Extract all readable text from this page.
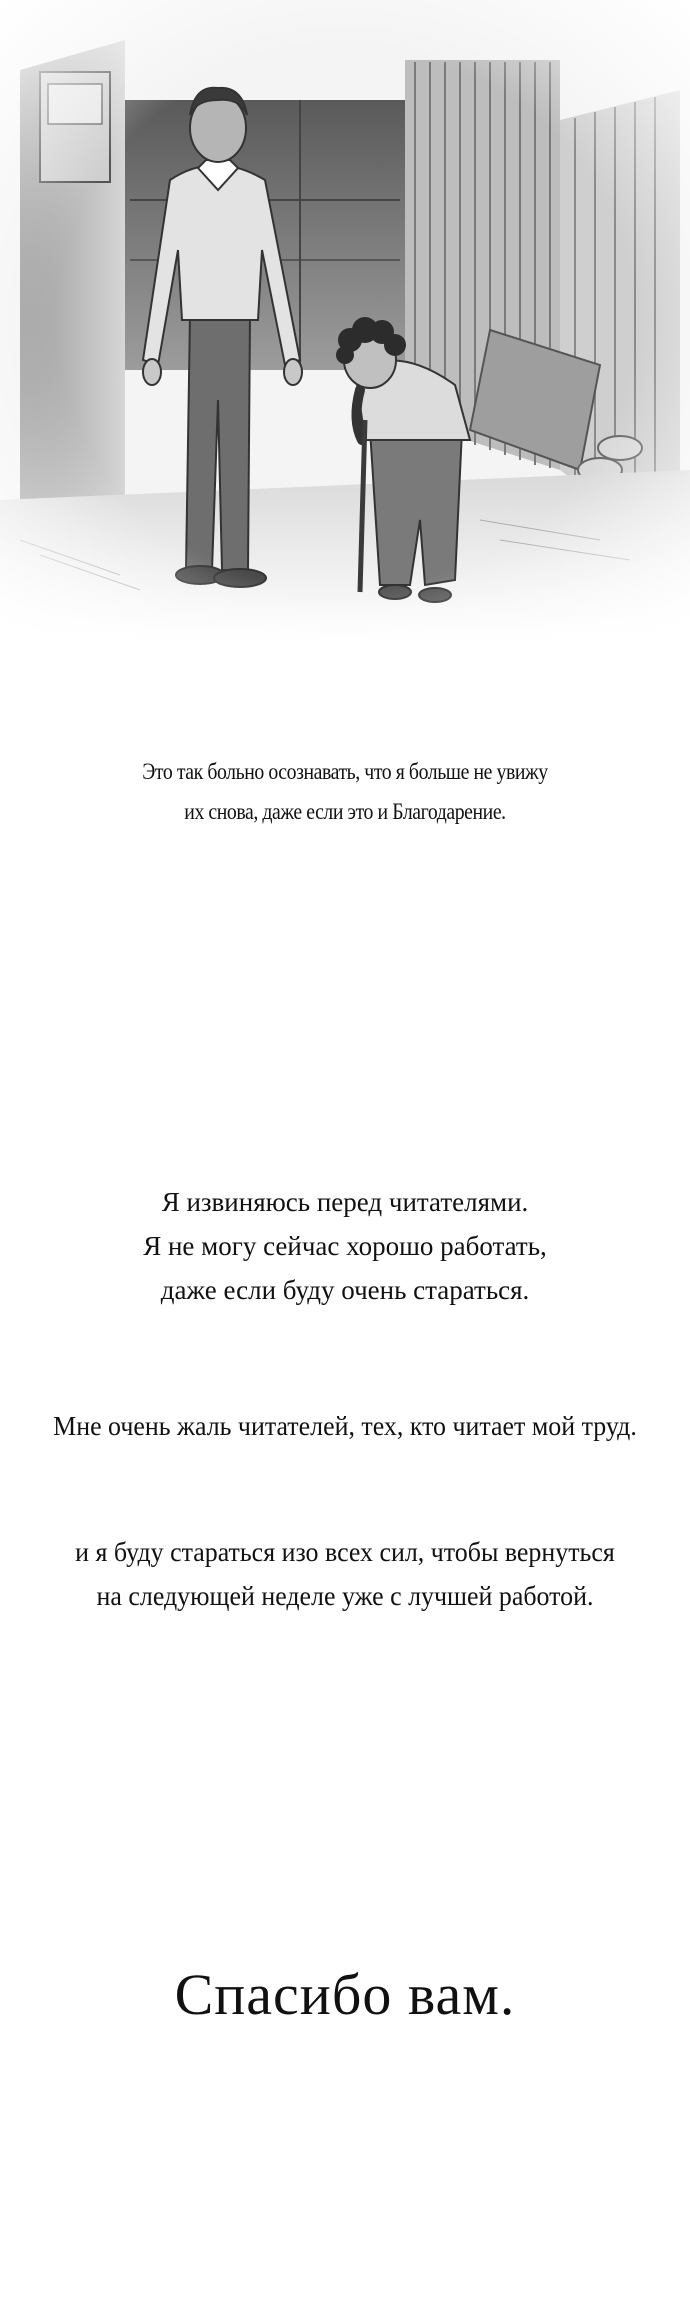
Это так больно осознавать, что я больше не увижу
их снова, даже если это и Благодарение.
Я извиняюсь перед читателями.
Я не могу сейчас хорошо работать,
даже если буду очень стараться.
Мне очень жаль читателей, тех, кто читает мой труд.
и я буду стараться изо всех сил, чтобы вернуться
на следующей неделе уже с лучшей работой.
Спасибо вам.
